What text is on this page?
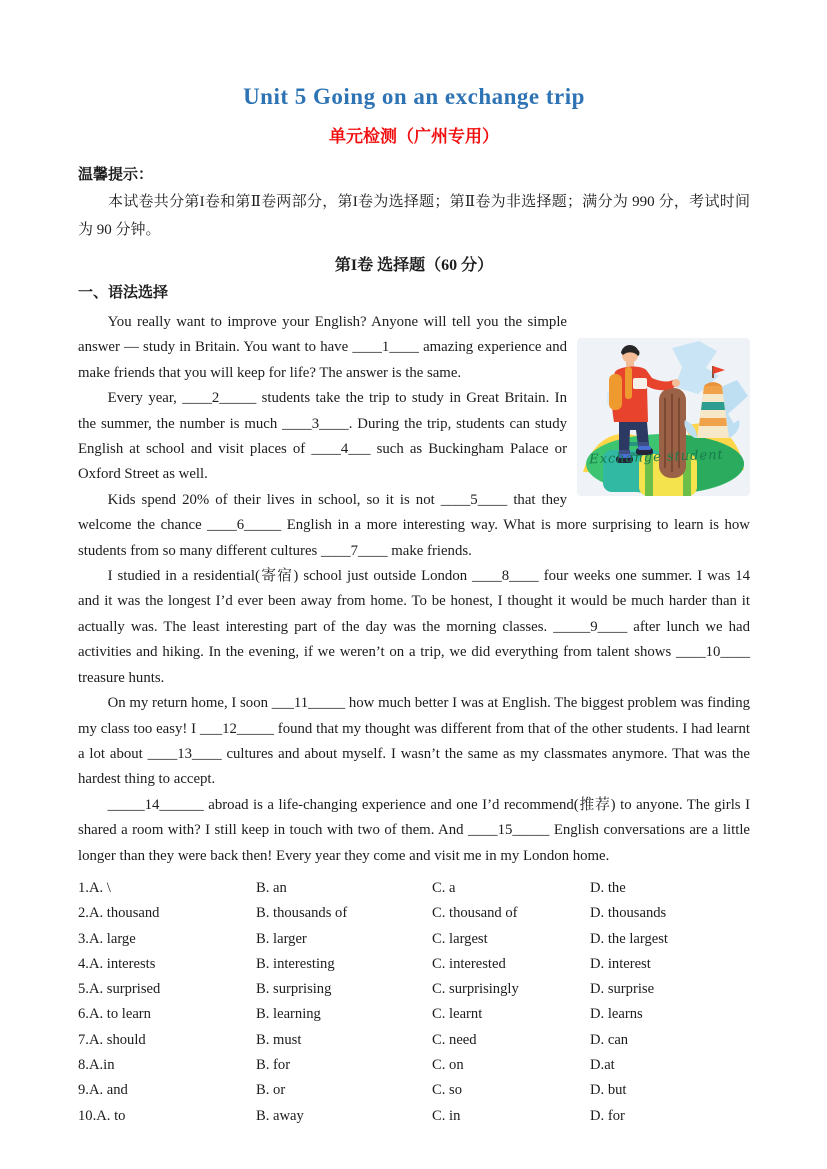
Unit 5 Going on an exchange trip
单元检测（广州专用）
温馨提示：

本试卷共分第I卷和第Ⅱ卷两部分，第I卷为选择题；第Ⅱ卷为非选择题；满分为 990 分，考试时间为 90 分钟。

第I卷 选择题（60 分）
一、语法选择
Exchange student

You really want to improve your English? Anyone will tell you the simple answer — study in Britain. You want to have ____1____ amazing experience and make friends that you will keep for life? The answer is the same.

Every year, ____2_____ students take the trip to study in Great Britain. In the summer, the number is much ____3____. During the trip, students can study English at school and visit places of ____4___ such as Buckingham Palace or Oxford Street as well.

Kids spend 20% of their lives in school, so it is not ____5____ that they welcome the chance ____6_____ English in a more interesting way. What is more surprising to learn is how students from so many different cultures ____7____ make friends.

I studied in a residential(寄宿) school just outside London ____8____ four weeks one summer. I was 14 and it was the longest I’d ever been away from home. To be honest, I thought it would be much harder than it actually was. The least interesting part of the day was the morning classes. _____9____ after lunch we had activities and hiking. In the evening, if we weren’t on a trip, we did everything from talent shows ____10____ treasure hunts.

On my return home, I soon ___11_____ how much better I was at English. The biggest problem was finding my class too easy! I ___12_____ found that my thought was different from that of the other students. I had learnt a lot about ____13____ cultures and about myself. I wasn’t the same as my classmates anymore. That was the hardest thing to accept.

_____14______ abroad is a life-changing experience and one I’d recommend(推荐) to anyone. The girls I shared a room with? I still keep in touch with two of them. And ____15_____ English conversations are a little longer than they were back then! Every year they come and visit me in my London home.

1.A. \	B. an	C. a	D. the
2.A. thousand	B. thousands of	C. thousand of	D. thousands
3.A. large	B. larger	C. largest	D. the largest
4.A. interests	B. interesting	C. interested	D. interest
5.A. surprised	B. surprising	C. surprisingly	D. surprise
6.A. to learn	B. learning	C. learnt	D. learns
7.A. should	B. must	C. need	D. can
8.A.in	B. for	C. on	D.at
9.A. and	B. or	C. so	D. but
10.A. to	B. away	C. in	D. for
